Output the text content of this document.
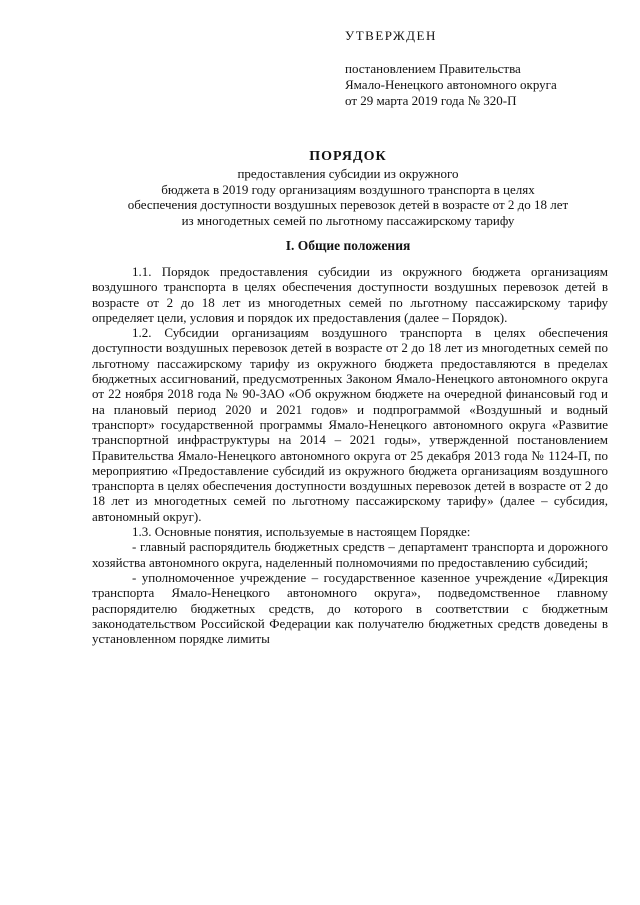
УТВЕРЖДЕН
постановлением Правительства
Ямало-Ненецкого автономного округа
от 29 марта 2019 года № 320-П
ПОРЯДОК
предоставления субсидии из окружного
бюджета в 2019 году организациям воздушного транспорта в целях
обеспечения доступности воздушных перевозок детей в возрасте от 2 до 18 лет
из многодетных семей по льготному пассажирскому тарифу
I. Общие положения

1.1. Порядок предоставления субсидии из окружного бюджета организациям воздушного транспорта в целях обеспечения доступности воздушных перевозок детей в возрасте от 2 до 18 лет из многодетных семей по льготному пассажирскому тарифу определяет цели, условия и порядок их предоставления (далее – Порядок).

1.2. Субсидии организациям воздушного транспорта в целях обеспечения доступности воздушных перевозок детей в возрасте от 2 до 18 лет из многодетных семей по льготному пассажирскому тарифу из окружного бюджета предоставляются в пределах бюджетных ассигнований, предусмотренных Законом Ямало-Ненецкого автономного округа от 22 ноября 2018 года № 90-ЗАО «Об окружном бюджете на очередной финансовый год и на плановый период 2020 и 2021 годов» и подпрограммой «Воздушный и водный транспорт» государственной программы Ямало-Ненецкого автономного округа «Развитие транспортной инфраструктуры на 2014 – 2021 годы», утвержденной постановлением Правительства Ямало-Ненецкого автономного округа от 25 декабря 2013 года № 1124-П, по мероприятию «Предоставление субсидий из окружного бюджета организациям воздушного транспорта в целях обеспечения доступности воздушных перевозок детей в возрасте от 2 до 18 лет из многодетных семей по льготному пассажирскому тарифу» (далее – субсидия, автономный округ).

1.3. Основные понятия, используемые в настоящем Порядке:

- главный распорядитель бюджетных средств – департамент транспорта и дорожного хозяйства автономного округа, наделенный полномочиями по предоставлению субсидий;

- уполномоченное учреждение – государственное казенное учреждение «Дирекция транспорта Ямало-Ненецкого автономного округа», подведомственное главному распорядителю бюджетных средств, до которого в соответствии с бюджетным законодательством Российской Федерации как получателю бюджетных средств доведены в установленном порядке лимиты
